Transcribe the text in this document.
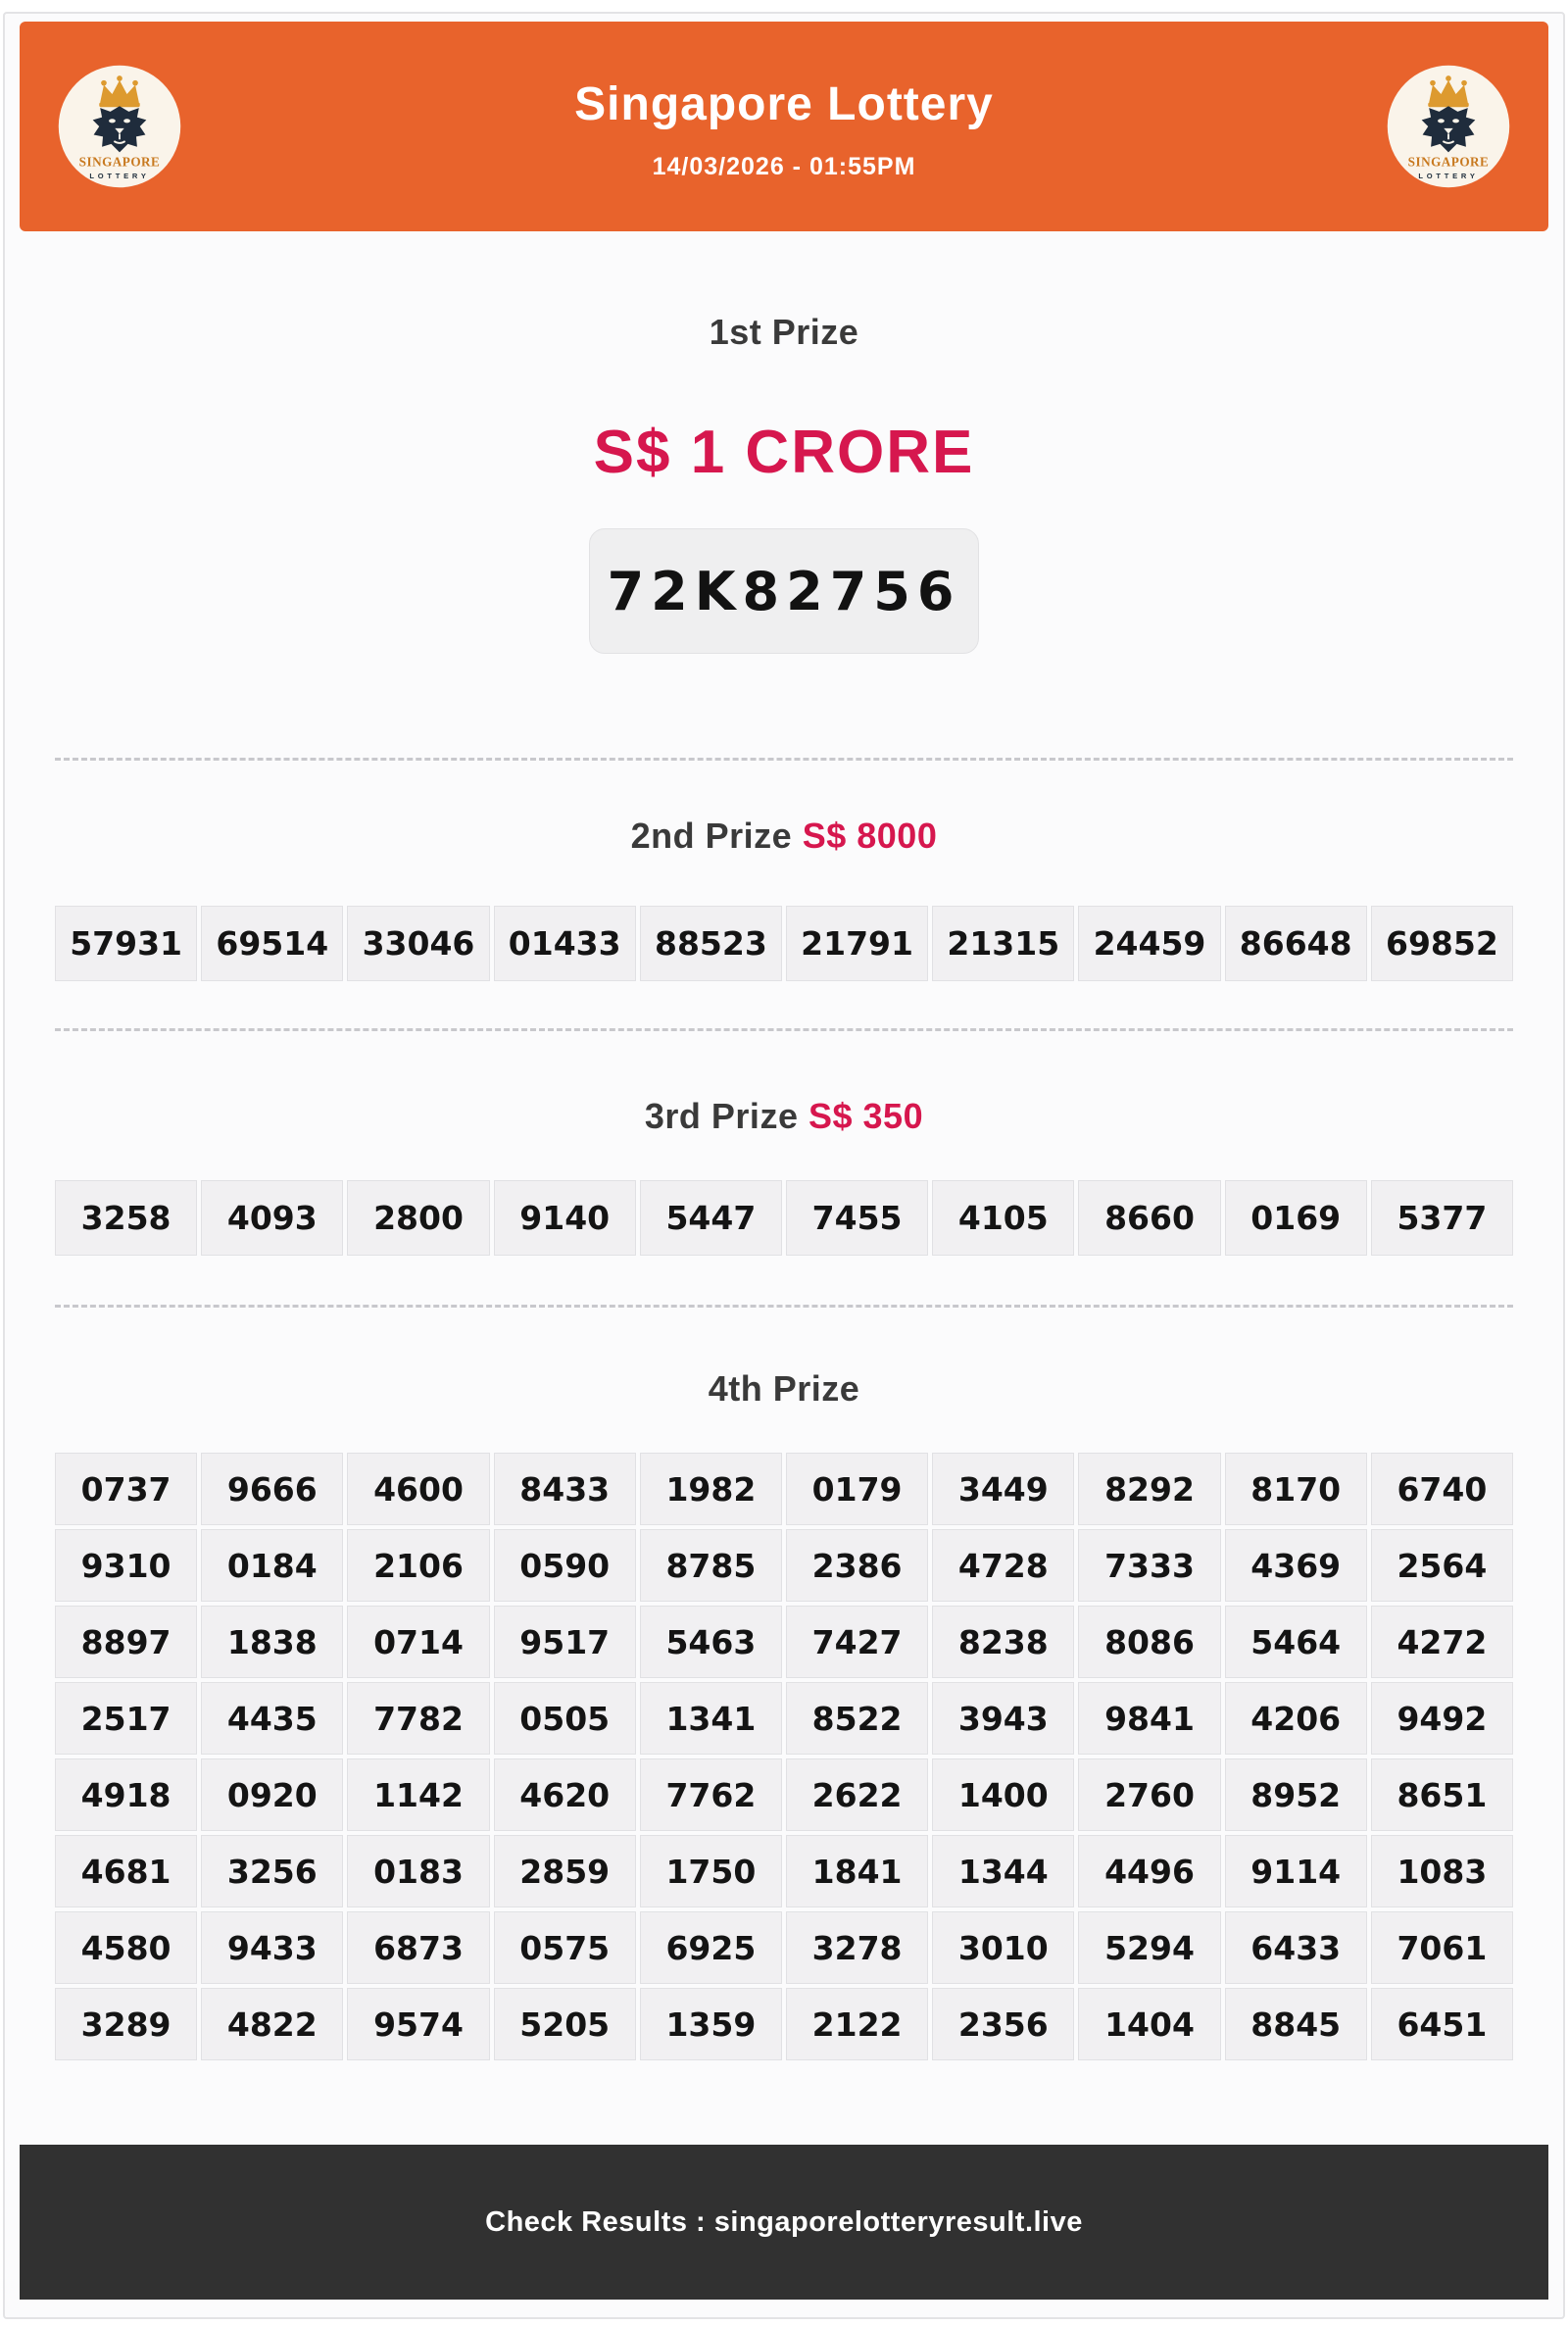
SINGAPORE
LOTTERY
Singapore Lottery
14/03/2026 - 01:55PM	SINGAPORE
LOTTERY
1st Prize
S$ 1 CRORE
72K82756
2nd Prize S$ 8000
57931	69514	33046	01433	88523	21791	21315	24459	86648	69852
3rd Prize S$ 350
3258	4093	2800	9140	5447	7455	4105	8660	0169	5377
4th Prize
0737	9666	4600	8433	1982	0179	3449	8292	8170	6740
9310	0184	2106	0590	8785	2386	4728	7333	4369	2564
8897	1838	0714	9517	5463	7427	8238	8086	5464	4272
2517	4435	7782	0505	1341	8522	3943	9841	4206	9492
4918	0920	1142	4620	7762	2622	1400	2760	8952	8651
4681	3256	0183	2859	1750	1841	1344	4496	9114	1083
4580	9433	6873	0575	6925	3278	3010	5294	6433	7061
3289	4822	9574	5205	1359	2122	2356	1404	8845	6451
Check Results : singaporelotteryresult.live
